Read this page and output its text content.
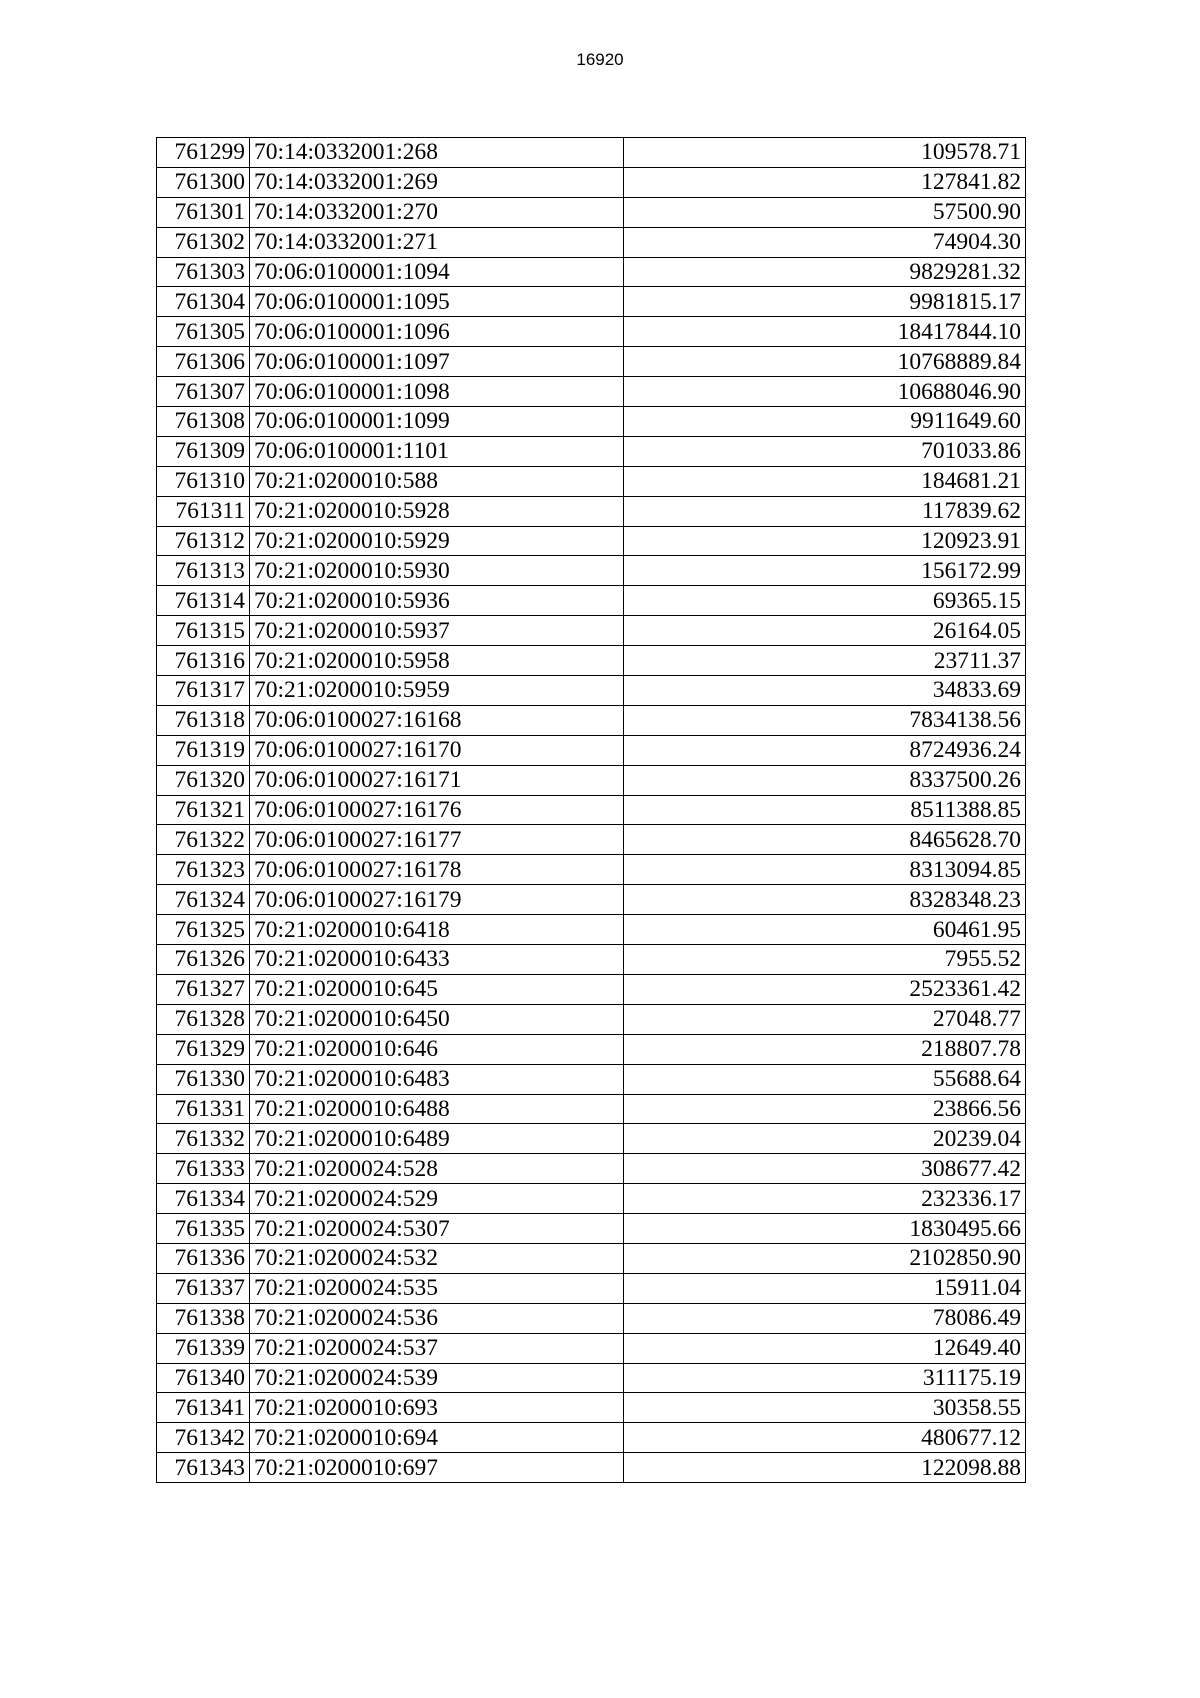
16920
761299	70:14:0332001:268	109578.71
761300	70:14:0332001:269	127841.82
761301	70:14:0332001:270	57500.90
761302	70:14:0332001:271	74904.30
761303	70:06:0100001:1094	9829281.32
761304	70:06:0100001:1095	9981815.17
761305	70:06:0100001:1096	18417844.10
761306	70:06:0100001:1097	10768889.84
761307	70:06:0100001:1098	10688046.90
761308	70:06:0100001:1099	9911649.60
761309	70:06:0100001:1101	701033.86
761310	70:21:0200010:588	184681.21
761311	70:21:0200010:5928	117839.62
761312	70:21:0200010:5929	120923.91
761313	70:21:0200010:5930	156172.99
761314	70:21:0200010:5936	69365.15
761315	70:21:0200010:5937	26164.05
761316	70:21:0200010:5958	23711.37
761317	70:21:0200010:5959	34833.69
761318	70:06:0100027:16168	7834138.56
761319	70:06:0100027:16170	8724936.24
761320	70:06:0100027:16171	8337500.26
761321	70:06:0100027:16176	8511388.85
761322	70:06:0100027:16177	8465628.70
761323	70:06:0100027:16178	8313094.85
761324	70:06:0100027:16179	8328348.23
761325	70:21:0200010:6418	60461.95
761326	70:21:0200010:6433	7955.52
761327	70:21:0200010:645	2523361.42
761328	70:21:0200010:6450	27048.77
761329	70:21:0200010:646	218807.78
761330	70:21:0200010:6483	55688.64
761331	70:21:0200010:6488	23866.56
761332	70:21:0200010:6489	20239.04
761333	70:21:0200024:528	308677.42
761334	70:21:0200024:529	232336.17
761335	70:21:0200024:5307	1830495.66
761336	70:21:0200024:532	2102850.90
761337	70:21:0200024:535	15911.04
761338	70:21:0200024:536	78086.49
761339	70:21:0200024:537	12649.40
761340	70:21:0200024:539	311175.19
761341	70:21:0200010:693	30358.55
761342	70:21:0200010:694	480677.12
761343	70:21:0200010:697	122098.88
